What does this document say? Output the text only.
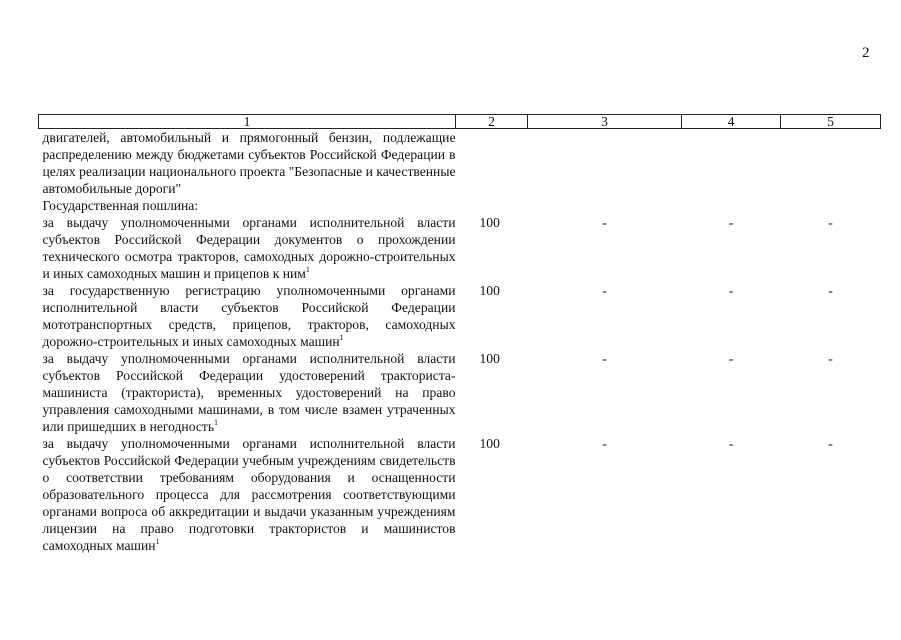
2
1	2	3	4	5

двигателей, автомобильный и прямогонный бензин, подлежащие распределению между бюджетами субъектов Российской Федерации в целях реализации национального проекта "Безопасные и качественные автомобильные дороги"				

Государственная пошлина:				

за выдачу уполномоченными органами исполнительной власти субъектов Российской Федерации документов о прохождении технического осмотра тракторов, самоходных дорожно-строительных и иных самоходных машин и прицепов к ним$^1$	100	-	-	-

за государственную регистрацию уполномоченными органами исполнительной власти субъектов Российской Федерации мототранспортных средств, прицепов, тракторов, самоходных дорожно-строительных и иных самоходных машин$^1$	100	-	-	-

за выдачу уполномоченными органами исполнительной власти субъектов Российской Федерации удостоверений тракториста-машиниста (тракториста), временных удостоверений на право управления самоходными машинами, в том числе взамен утраченных или пришедших в негодность$^1$	100	-	-	-

за выдачу уполномоченными органами исполнительной власти субъектов Российской Федерации учебным учреждениям свидетельств о соответствии требованиям оборудования и оснащенности образовательного процесса для рассмотрения соответствующими органами вопроса об аккредитации и выдачи указанным учреждениям лицензии на право подготовки трактористов и машинистов самоходных машин$^1$	100	-	-	-
